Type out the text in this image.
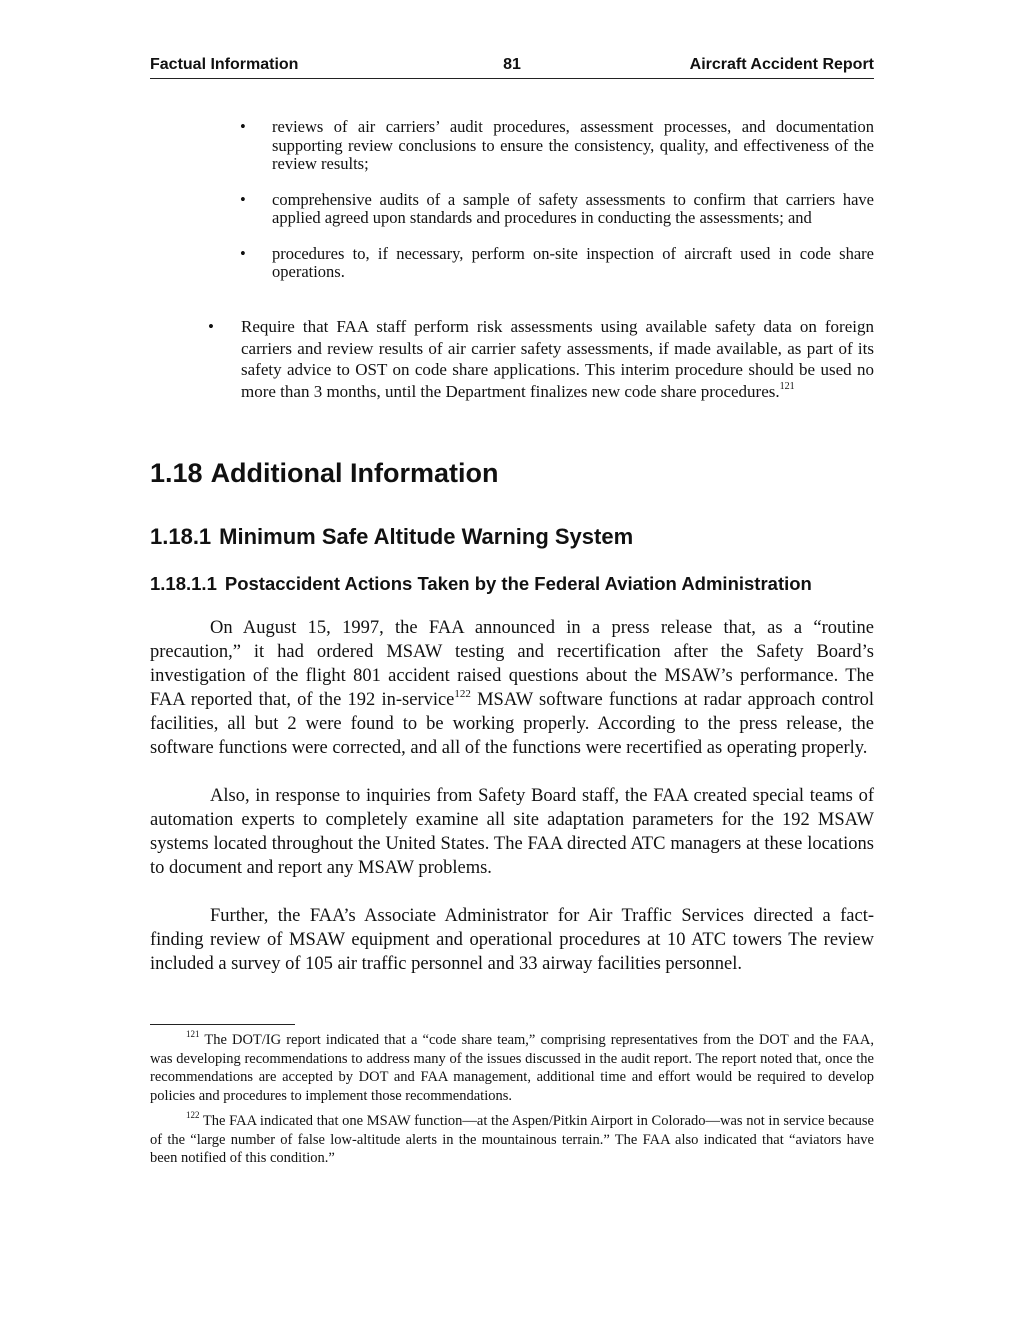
Factual Information	81	Aircraft Accident Report
• reviews of air carriers’ audit procedures, assessment processes, and documentation supporting review conclusions to ensure the consistency, quality, and effectiveness of the review results;
• comprehensive audits of a sample of safety assessments to confirm that carriers have applied agreed upon standards and procedures in conducting the assessments; and
• procedures to, if necessary, perform on-site inspection of aircraft used in code share operations.
•	Require that FAA staff perform risk assessments using available safety data on foreign carriers and review results of air carrier safety assessments, if made available, as part of its safety advice to OST on code share applications. This interim procedure should be used no more than 3 months, until the Department finalizes new code share procedures.$^{121}$
1.18 Additional Information
1.18.1 Minimum Safe Altitude Warning System
1.18.1.1 Postaccident Actions Taken by the Federal Aviation Administration

On August 15, 1997, the FAA announced in a press release that, as a “routine precaution,” it had ordered MSAW testing and recertification after the Safety Board’s investigation of the flight 801 accident raised questions about the MSAW’s performance. The FAA reported that, of the 192 in-service$^{122}$ MSAW software functions at radar approach control facilities, all but 2 were found to be working properly. According to the press release, the software functions were corrected, and all of the functions were recertified as operating properly.

Also, in response to inquiries from Safety Board staff, the FAA created special teams of automation experts to completely examine all site adaptation parameters for the 192 MSAW systems located throughout the United States. The FAA directed ATC managers at these locations to document and report any MSAW problems.

Further, the FAA’s Associate Administrator for Air Traffic Services directed a fact-finding review of MSAW equipment and operational procedures at 10 ATC towers The review included a survey of 105 air traffic personnel and 33 airway facilities personnel.

$^{121}$ The DOT/IG report indicated that a “code share team,” comprising representatives from the DOT and the FAA, was developing recommendations to address many of the issues discussed in the audit report. The report noted that, once the recommendations are accepted by DOT and FAA management, additional time and effort would be required to develop policies and procedures to implement those recommendations.

$^{122}$ The FAA indicated that one MSAW function—at the Aspen/Pitkin Airport in Colorado—was not in service because of the “large number of false low-altitude alerts in the mountainous terrain.” The FAA also indicated that “aviators have been notified of this condition.”
